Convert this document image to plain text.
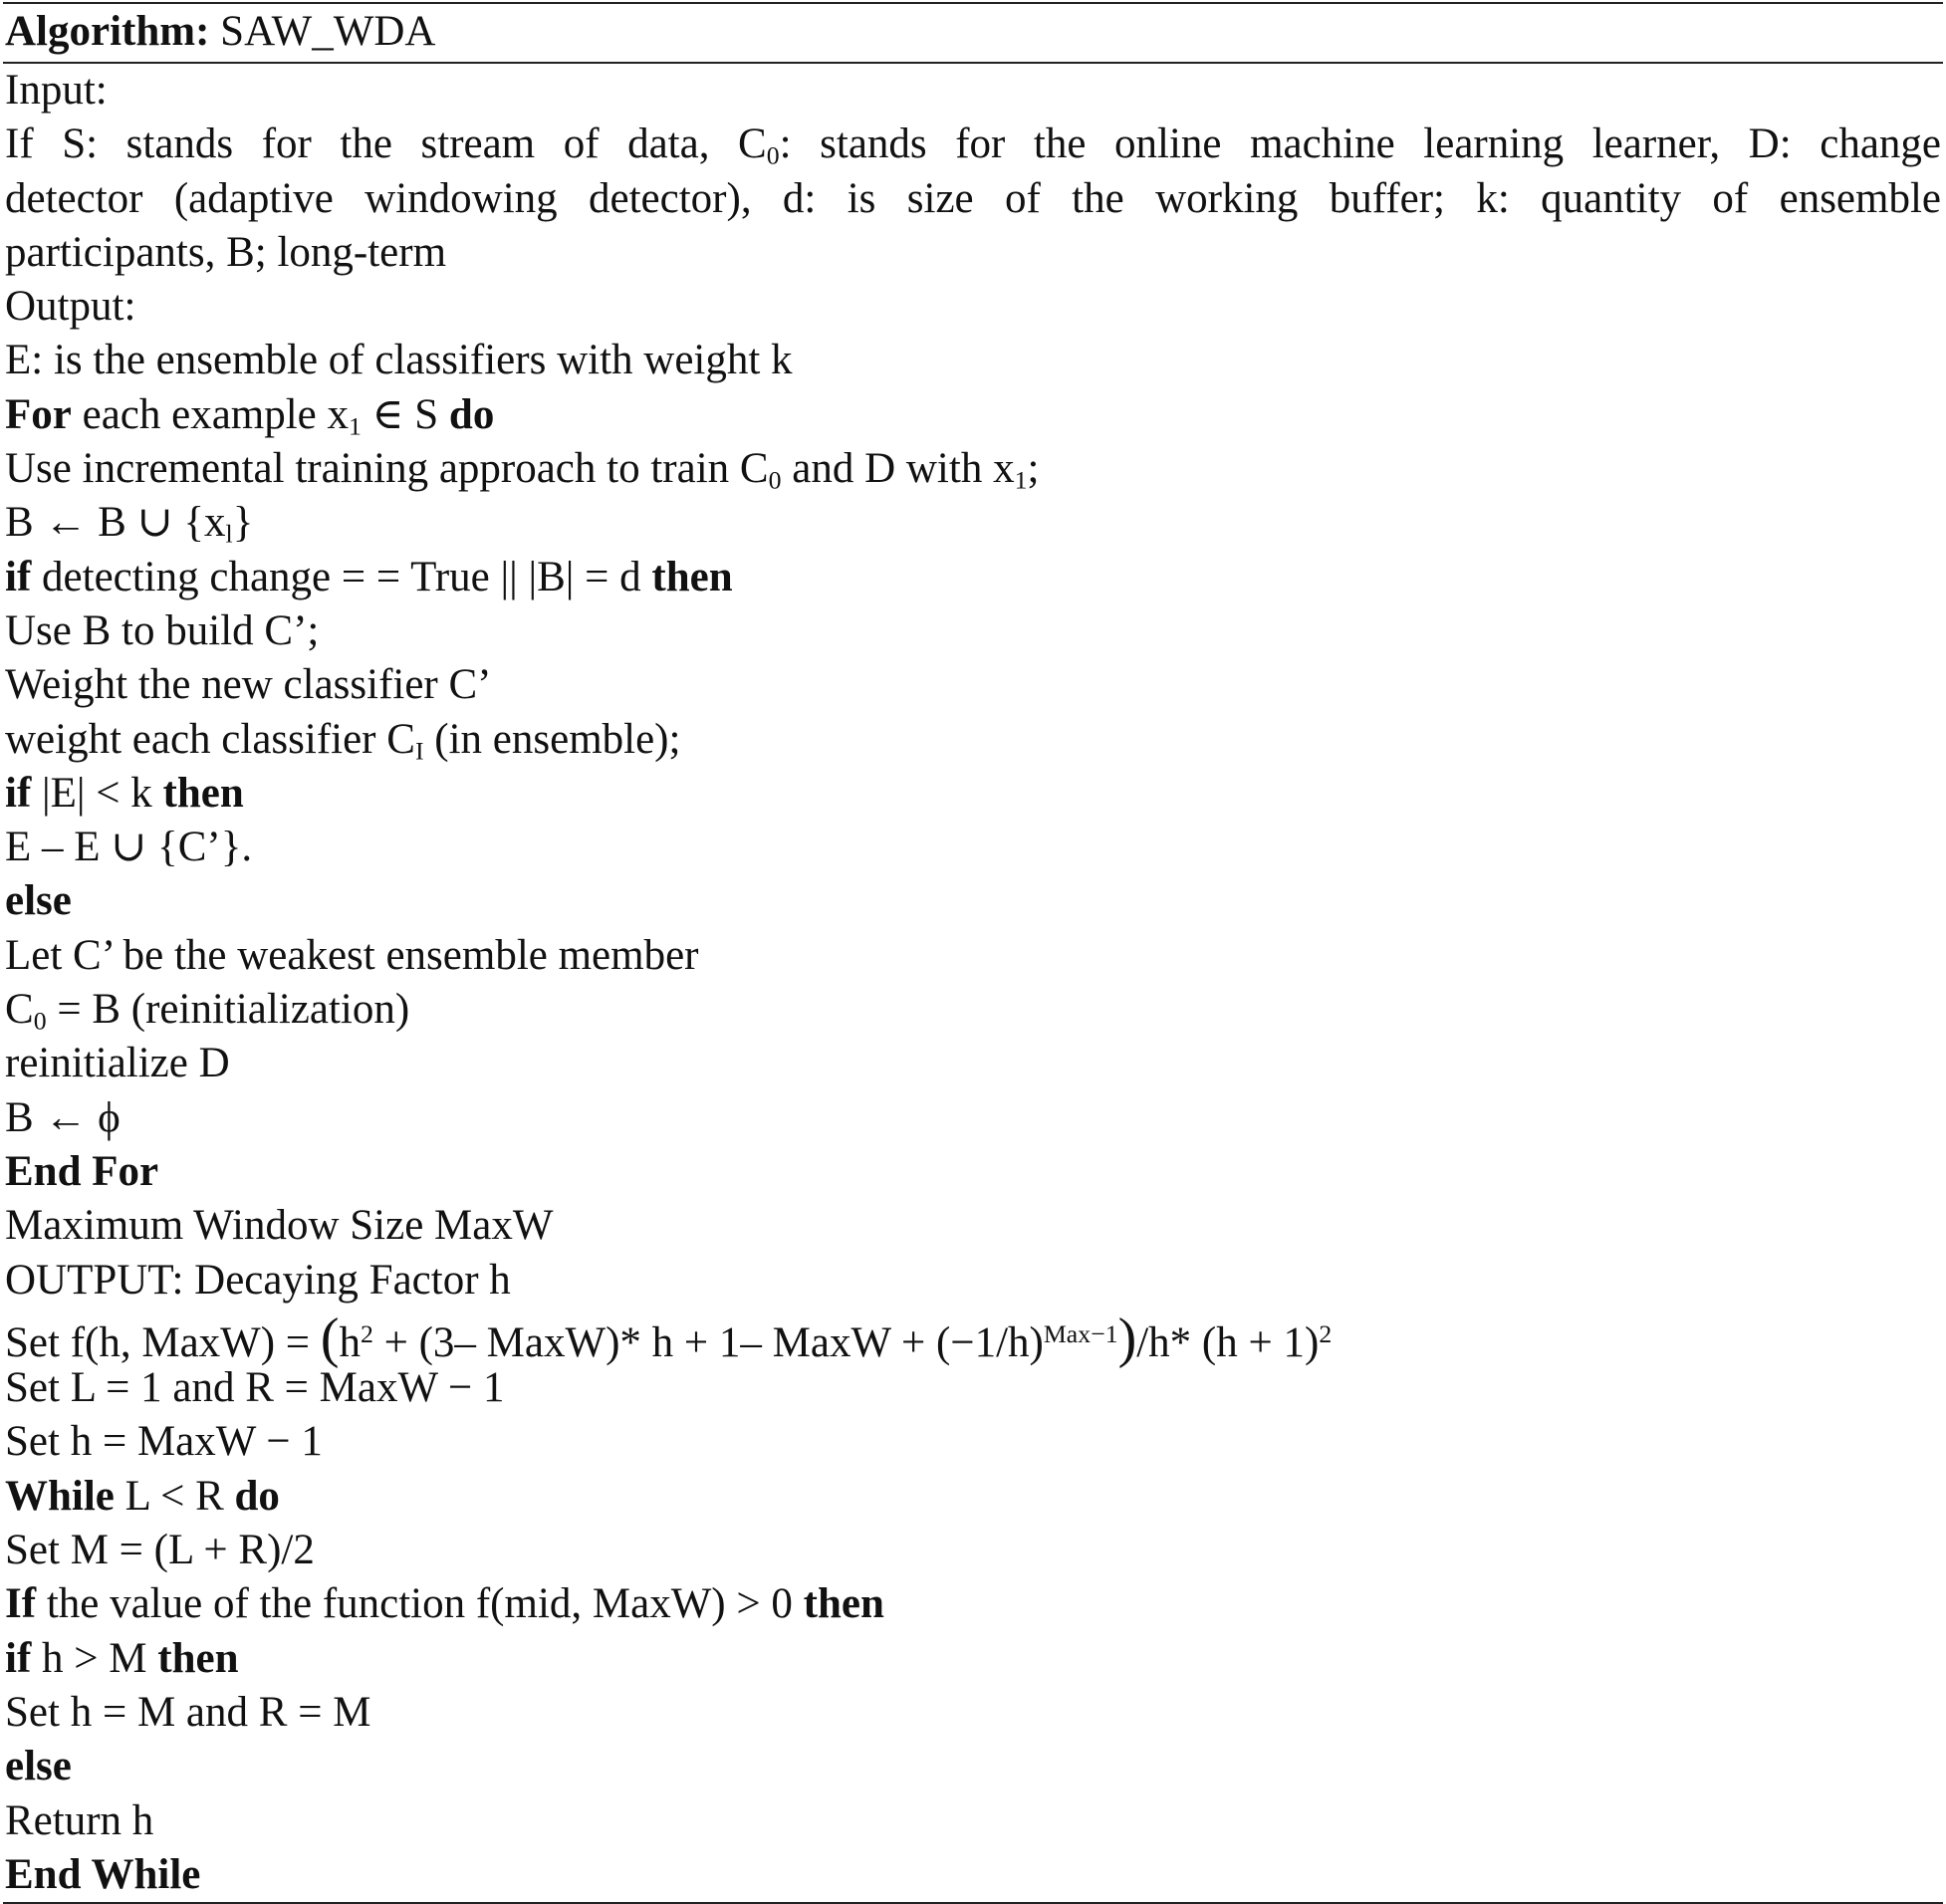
Algorithm: SAW_WDA
Input:
If S: stands for the stream of data, $C_0$: stands for the online machine learning learner, D: change
detector (adaptive windowing detector), d: is size of the working buffer; k: quantity of ensemble
participants, B; long-term
Output:
E: is the ensemble of classifiers with weight k
For each example $x_1$ ∈ S do
Use incremental training approach to train $C_0$ and D with $x_1$;
B ← B ∪ $\{x_l\}$
if detecting change = = True || |B| = d then
Use B to build C’;
Weight the new classifier C’
weight each classifier $C_I$ (in ensemble);
if |E| < k then
E – E ∪ {C’}.
else
Let C’ be the weakest ensemble member
$C_0 = B$ (reinitialization)
reinitialize D
B ← ϕ
End For
Maximum Window Size MaxW
OUTPUT: Decaying Factor h
Set f(h, MaxW) = ($h^2 + (3-$ MaxW)* h + 1– MaxW + $(-1/h)^{Max-1})/h*$ $(h + 1)^2$
Set L = 1 and R = MaxW − 1
Set h = MaxW − 1
While L < R do
Set M = (L + R)/2
If the value of the function f(mid, MaxW) > 0 then
if h > M then
Set h = M and R = M
else
Return h
End While
